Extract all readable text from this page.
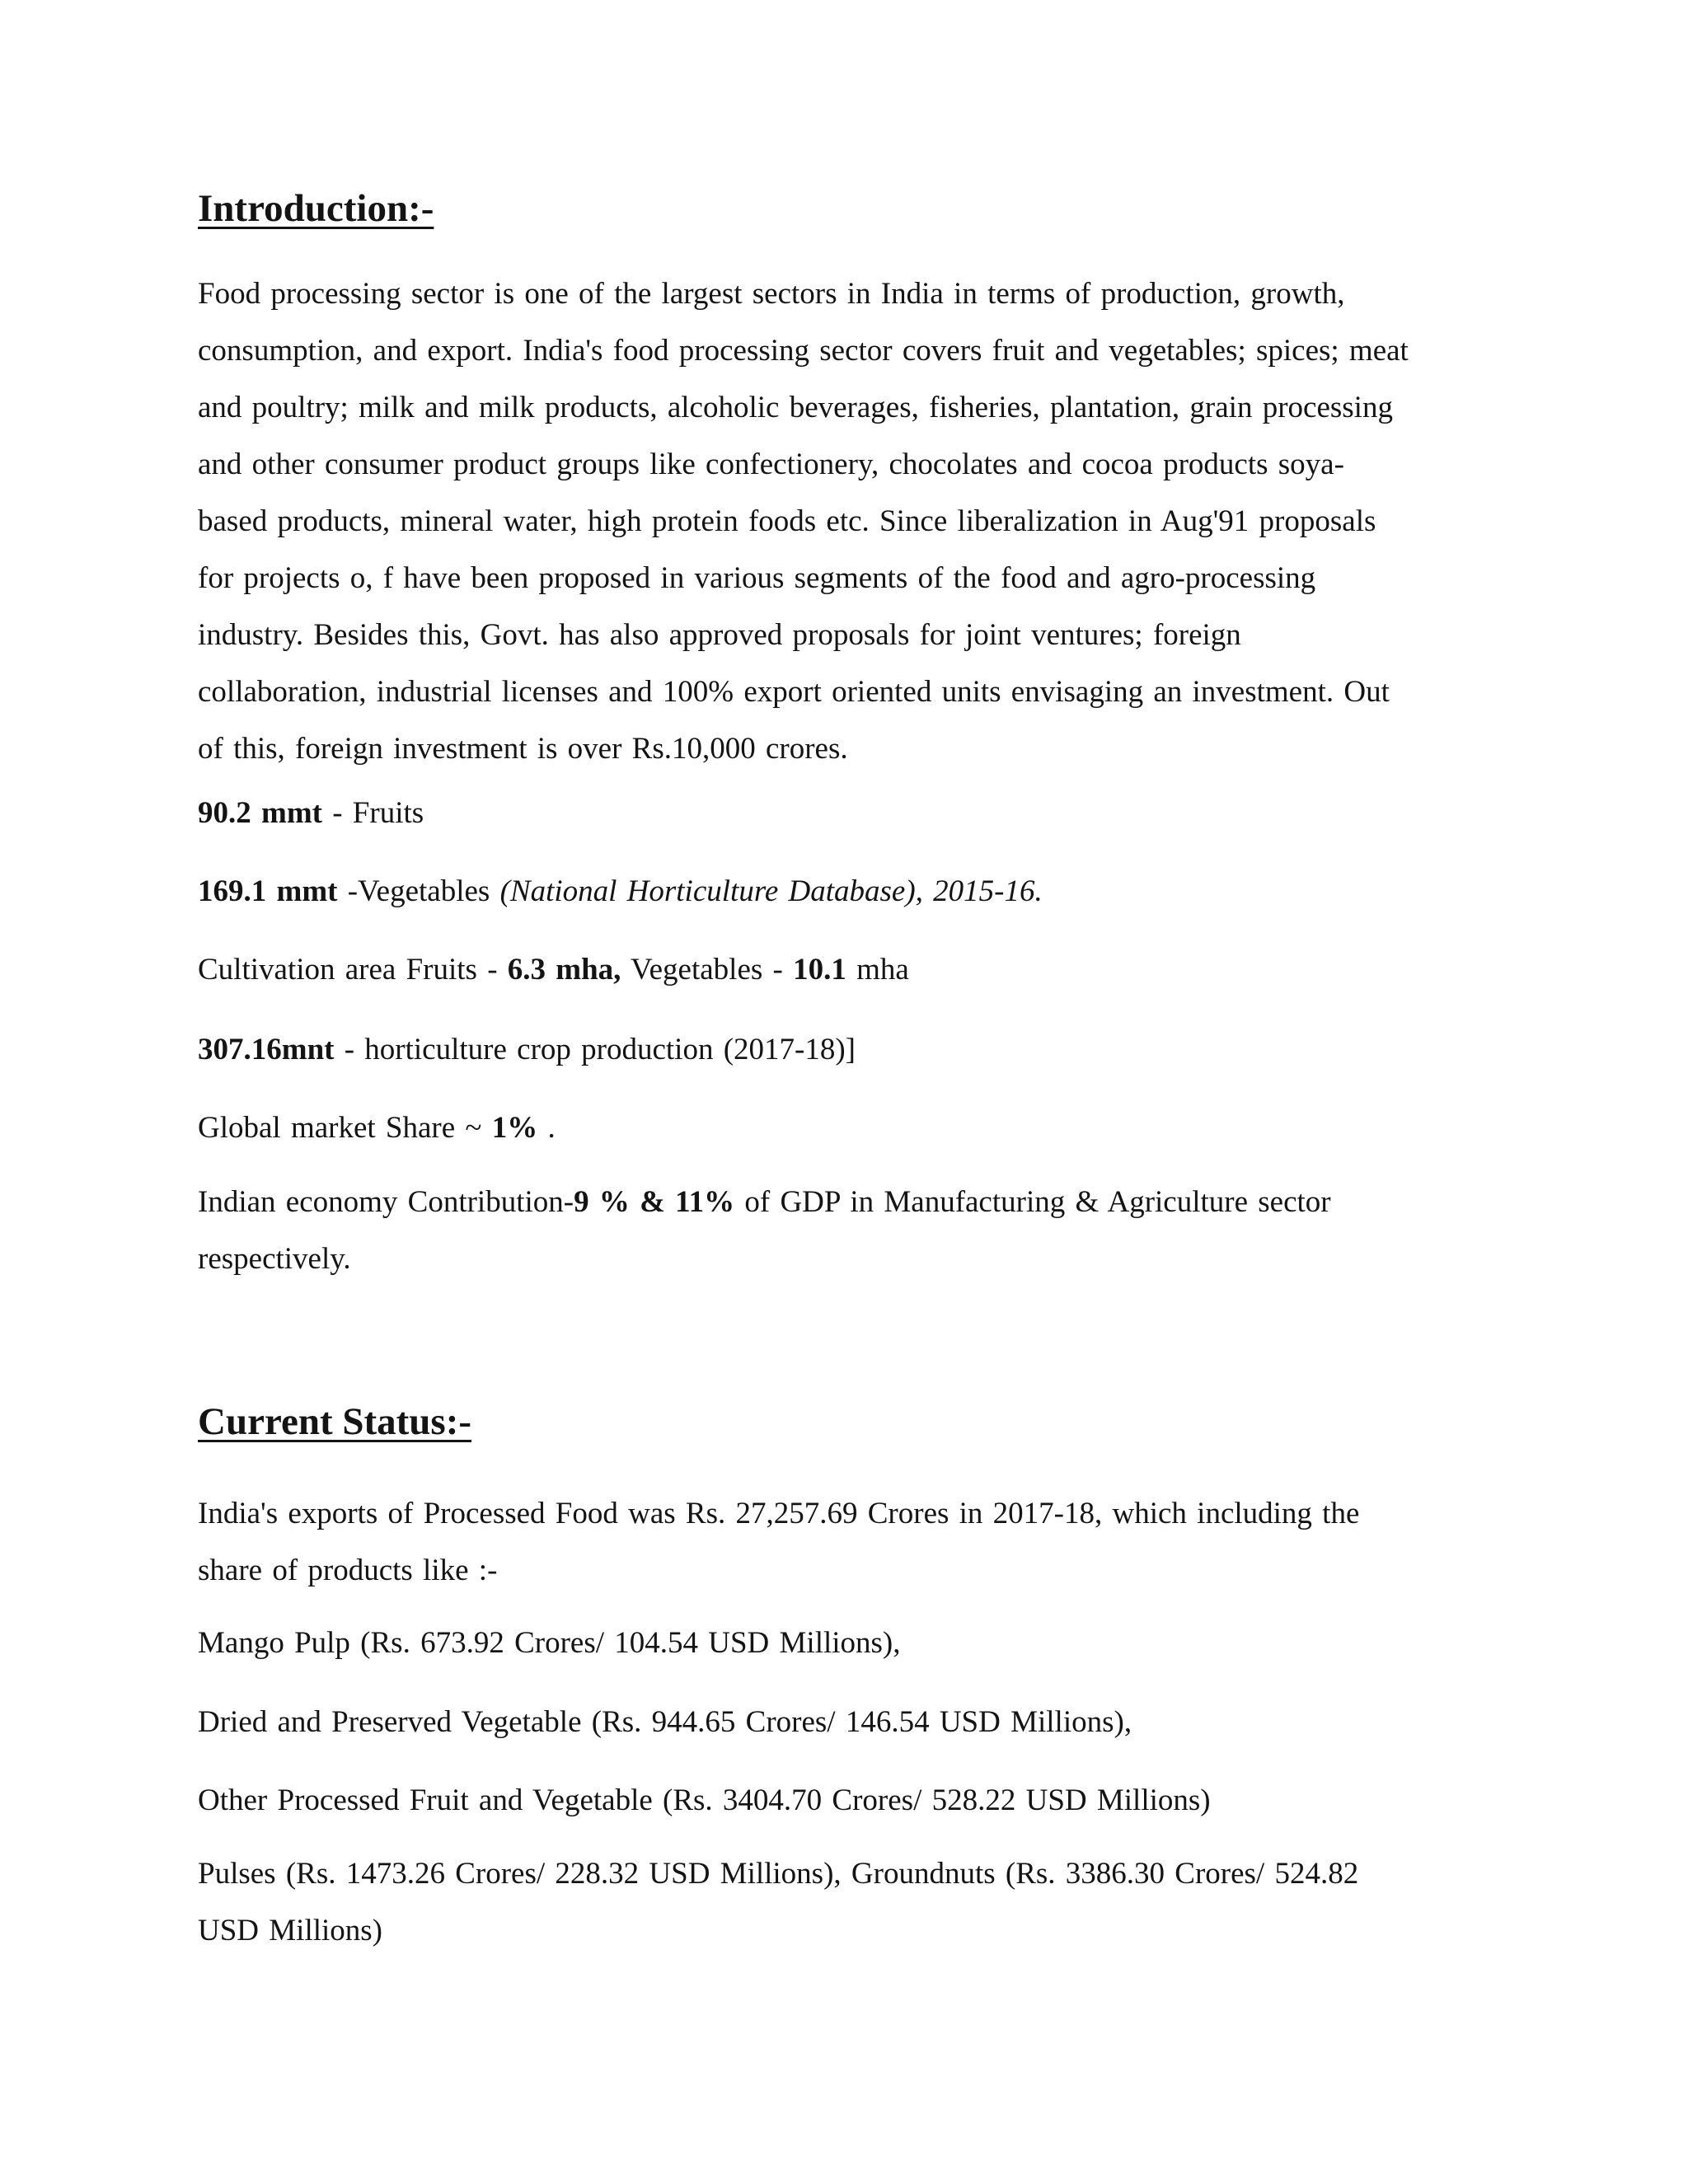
Introduction:-
Food processing sector is one of the largest sectors in India in terms of production, growth,
consumption, and export. India's food processing sector covers fruit and vegetables; spices; meat
and poultry; milk and milk products, alcoholic beverages, fisheries, plantation, grain processing
and other consumer product groups like confectionery, chocolates and cocoa products soya-
based products, mineral water, high protein foods etc. Since liberalization in Aug'91 proposals
for projects o, f have been proposed in various segments of the food and agro-processing
industry. Besides this, Govt. has also approved proposals for joint ventures; foreign
collaboration, industrial licenses and 100% export oriented units envisaging an investment. Out
of this, foreign investment is over Rs.10,000 crores.
90.2 mmt - Fruits
169.1 mmt -Vegetables (National Horticulture Database), 2015-16.
Cultivation area Fruits - 6.3 mha, Vegetables - 10.1 mha
307.16mnt - horticulture crop production (2017-18)]
Global market Share ~ 1% .
Indian economy Contribution-9 % & 11% of GDP in Manufacturing & Agriculture sector
respectively.
Current Status:-
India's exports of Processed Food was Rs. 27,257.69 Crores in 2017-18, which including the
share of products like :-
Mango Pulp (Rs. 673.92 Crores/ 104.54 USD Millions),
Dried and Preserved Vegetable (Rs. 944.65 Crores/ 146.54 USD Millions),
Other Processed Fruit and Vegetable (Rs. 3404.70 Crores/ 528.22 USD Millions)
Pulses (Rs. 1473.26 Crores/ 228.32 USD Millions), Groundnuts (Rs. 3386.30 Crores/ 524.82
USD Millions)
